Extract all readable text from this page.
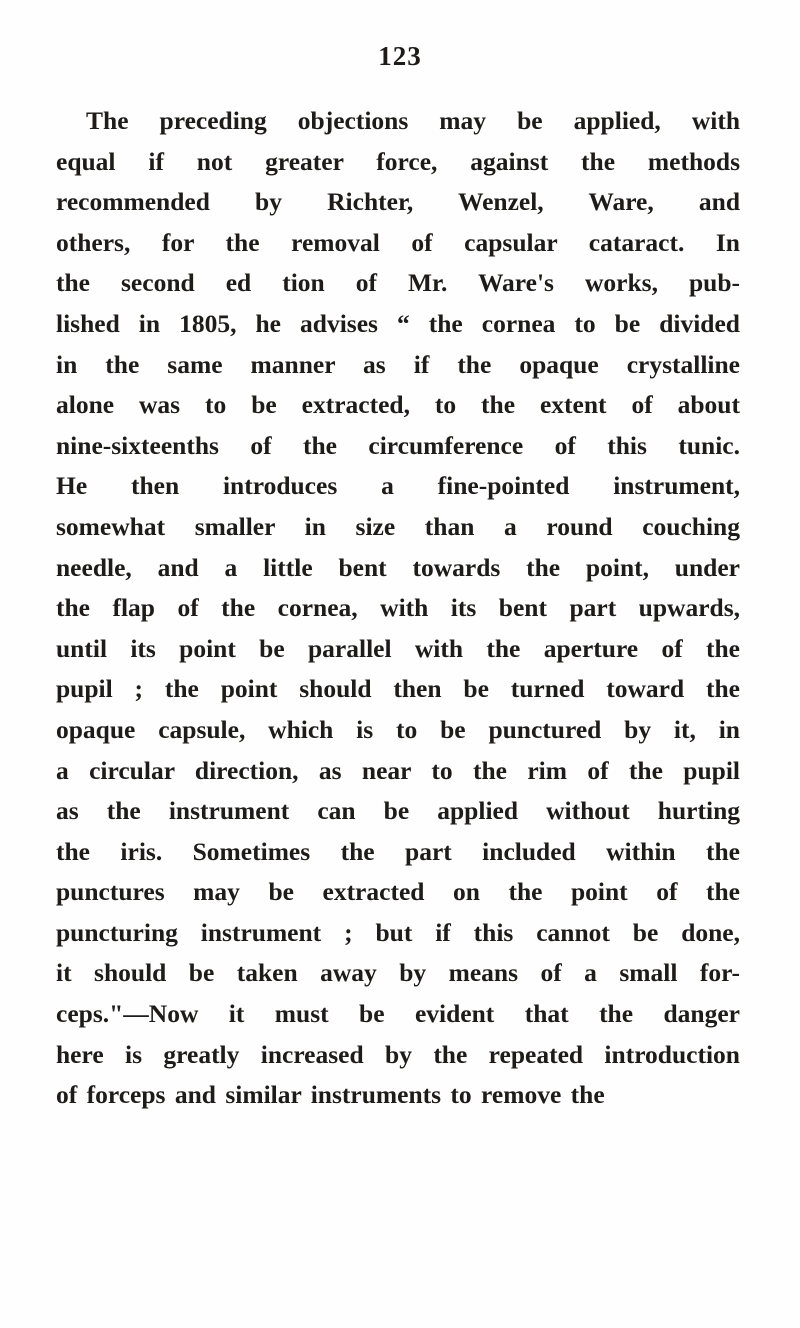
123
The preceding objections may be applied, with
equal if not greater force, against the methods
recommended by Richter, Wenzel, Ware, and
others, for the removal of capsular cataract. In
the second ed tion of Mr. Ware's works, pub-
lished in 1805, he advises “ the cornea to be divided
in the same manner as if the opaque crystalline
alone was to be extracted, to the extent of about
nine-sixteenths of the circumference of this tunic.
He then introduces a fine-pointed instrument,
somewhat smaller in size than a round couching
needle, and a little bent towards the point, under
the flap of the cornea, with its bent part upwards,
until its point be parallel with the aperture of the
pupil ; the point should then be turned toward the
opaque capsule, which is to be punctured by it, in
a circular direction, as near to the rim of the pupil
as the instrument can be applied without hurting
the iris. Sometimes the part included within the
punctures may be extracted on the point of the
puncturing instrument ; but if this cannot be done,
it should be taken away by means of a small for-
ceps."—Now it must be evident that the danger
here is greatly increased by the repeated introduction
of forceps and similar instruments to remove the
